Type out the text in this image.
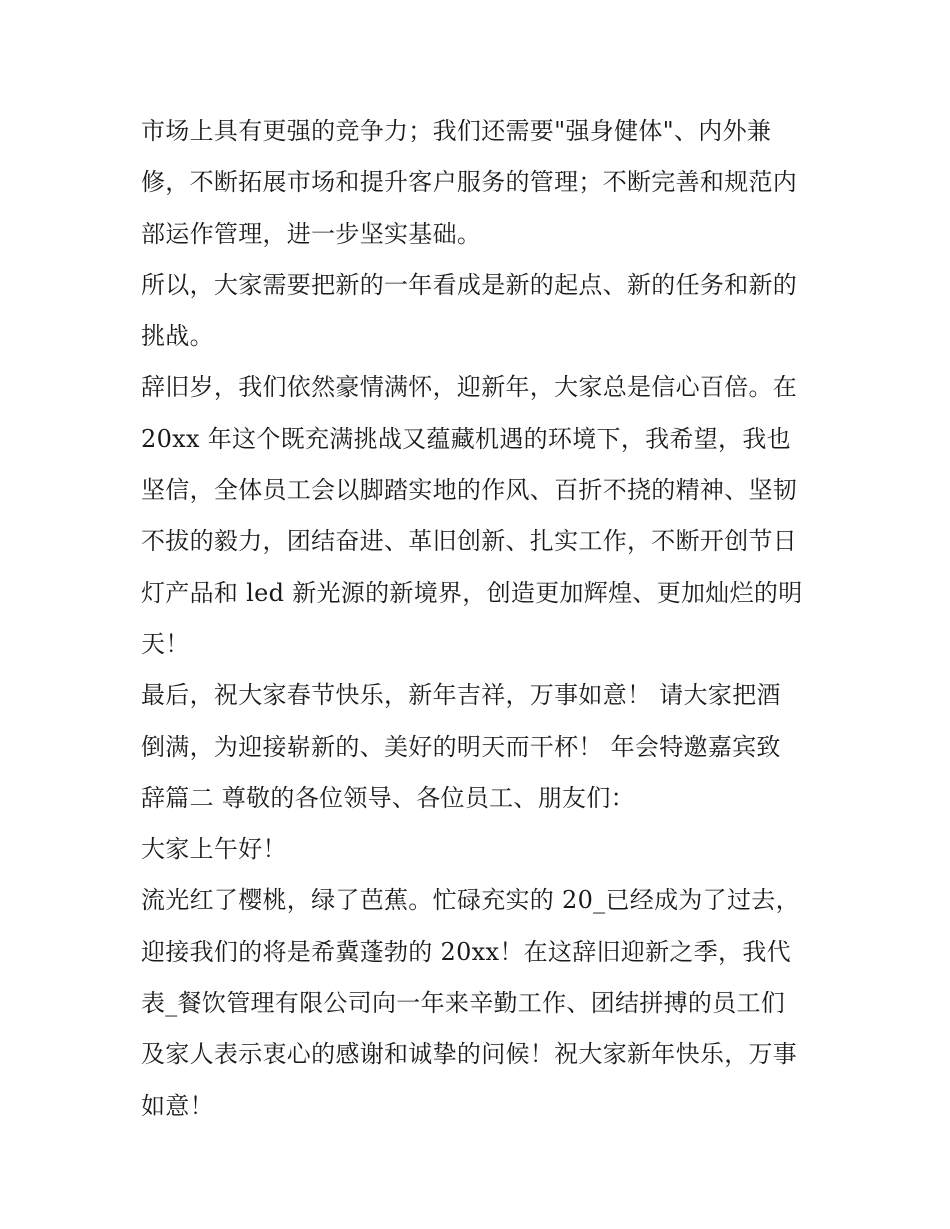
市场上具有更强的竞争力；我们还需要"强身健体"、内外兼
修，不断拓展市场和提升客户服务的管理；不断完善和规范内
部运作管理，进一步坚实基础。
所以，大家需要把新的一年看成是新的起点、新的任务和新的
挑战。
辞旧岁，我们依然豪情满怀，迎新年，大家总是信心百倍。在
20xx 年这个既充满挑战又蕴藏机遇的环境下，我希望，我也
坚信，全体员工会以脚踏实地的作风、百折不挠的精神、坚韧
不拔的毅力，团结奋进、革旧创新、扎实工作，不断开创节日
灯产品和 led 新光源的新境界，创造更加辉煌、更加灿烂的明
天！
最后，祝大家春节快乐，新年吉祥，万事如意！ 请大家把酒
倒满，为迎接崭新的、美好的明天而干杯！ 年会特邀嘉宾致
辞篇二 尊敬的各位领导、各位员工、朋友们：
大家上午好！
流光红了樱桃，绿了芭蕉。忙碌充实的 20_已经成为了过去，
迎接我们的将是希冀蓬勃的 20xx！在这辞旧迎新之季，我代
表_餐饮管理有限公司向一年来辛勤工作、团结拼搏的员工们
及家人表示衷心的感谢和诚挚的问候！祝大家新年快乐，万事
如意！
